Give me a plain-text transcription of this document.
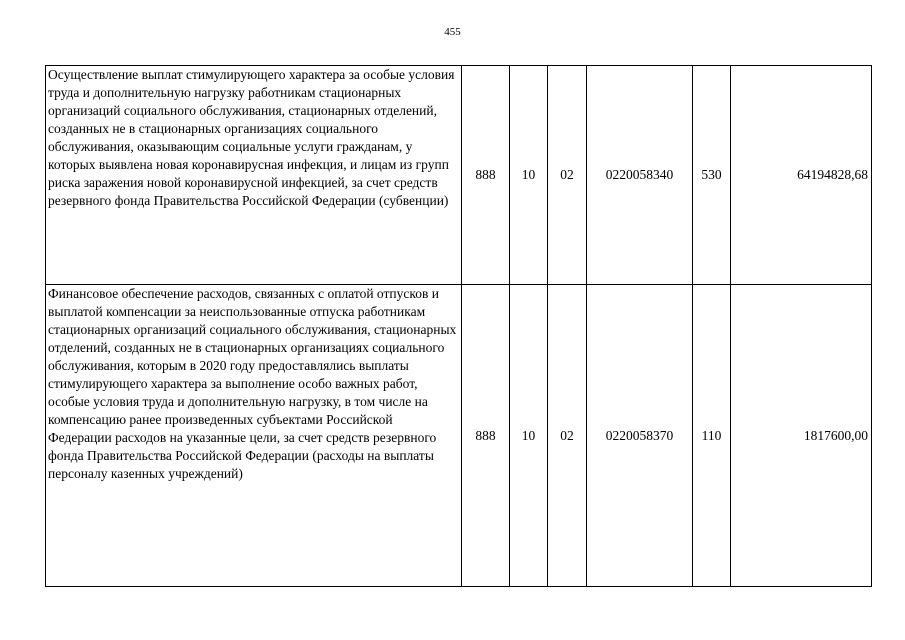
455
Осуществление выплат стимулирующего характера за особые условия труда и дополнительную нагрузку работникам стационарных организаций социального обслуживания, стационарных отделений, созданных не в стационарных организациях социального обслуживания, оказывающим социальные услуги гражданам, у которых выявлена новая коронавирусная инфекция, и лицам из групп риска заражения новой коронавирусной инфекцией, за счет средств резервного фонда Правительства Российской Федерации (субвенции)	888	10	02	0220058340	530	64194828,68
Финансовое обеспечение расходов, связанных с оплатой отпусков и выплатой компенсации за неиспользованные отпуска работникам стационарных организаций социального обслуживания, стационарных отделений, созданных не в стационарных организациях социального обслуживания, которым в 2020 году предоставлялись выплаты стимулирующего характера за выполнение особо важных работ, особые условия труда и дополнительную нагрузку, в том числе на компенсацию ранее произведенных субъектами Российской Федерации расходов на указанные цели, за счет средств резервного фонда Правительства Российской Федерации (расходы на выплаты персоналу казенных учреждений)	888	10	02	0220058370	110	1817600,00
